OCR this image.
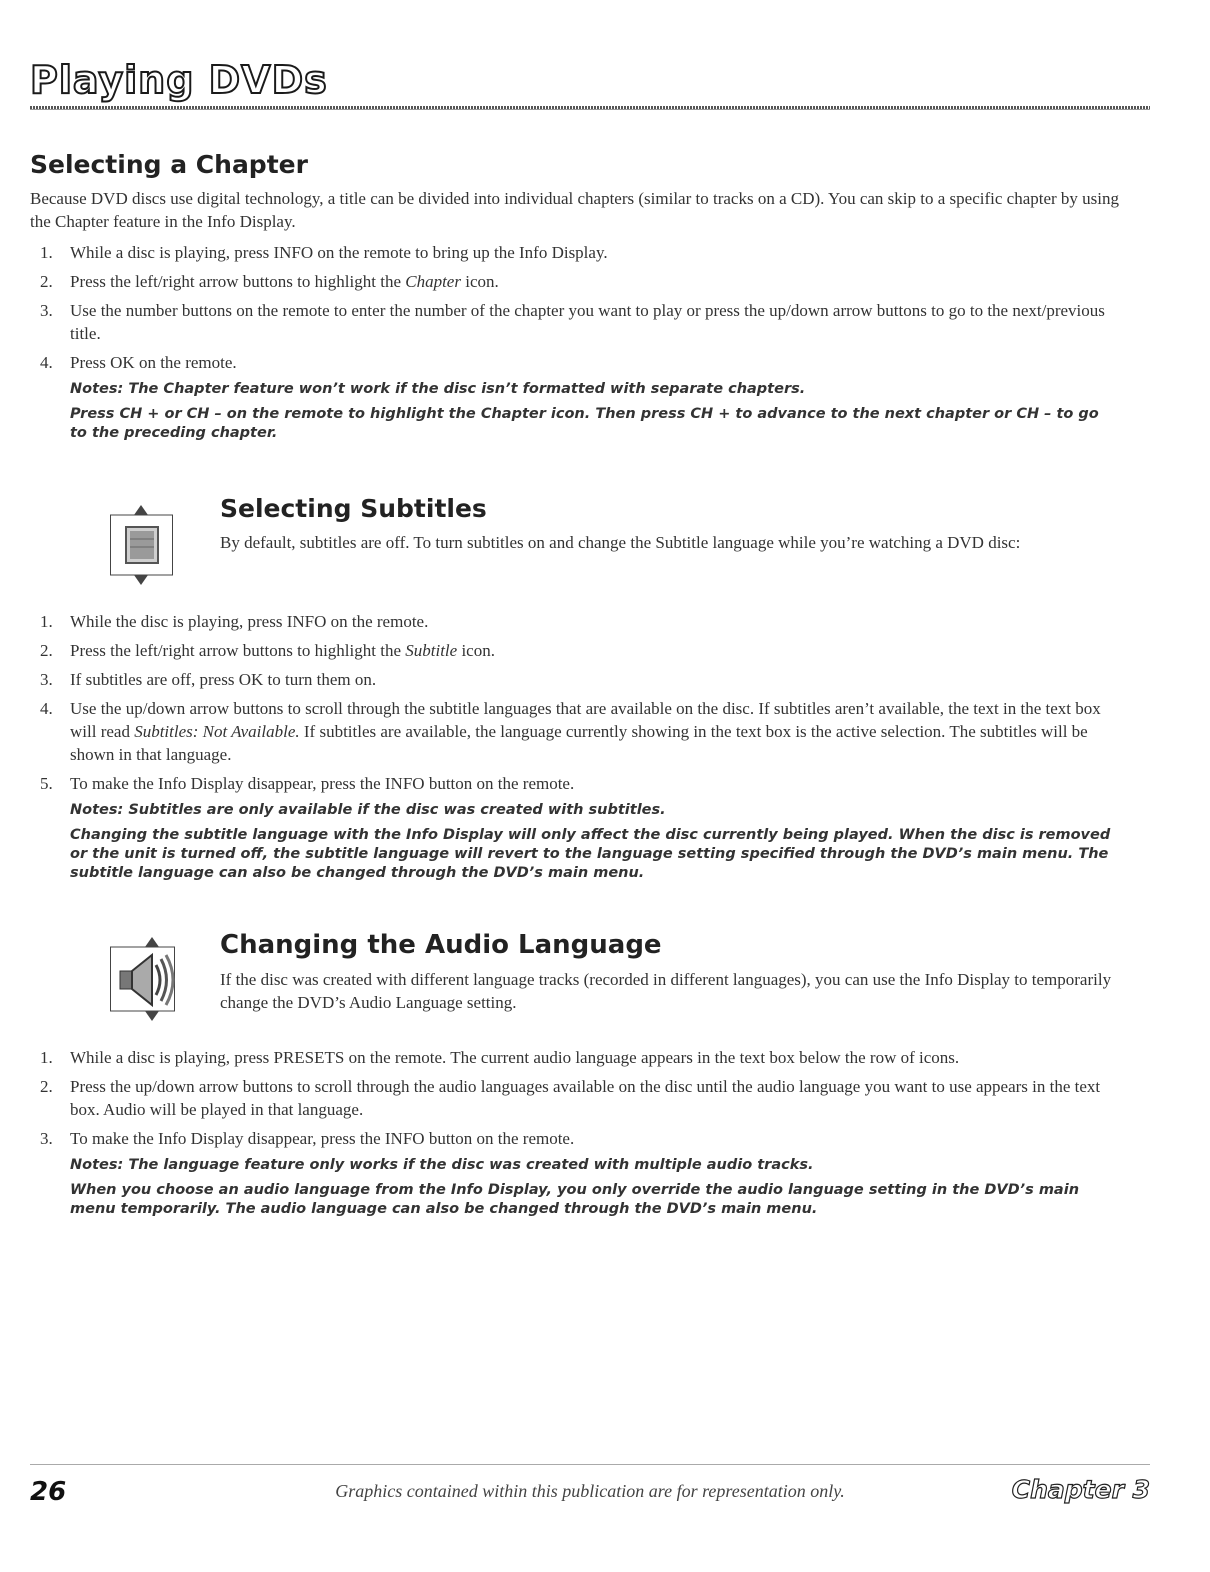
Playing DVDs
Selecting a Chapter

Because DVD discs use digital technology, a title can be divided into individual chapters (similar to tracks on a CD). You can skip to a specific chapter by using the Chapter feature in the Info Display.

1. While a disc is playing, press INFO on the remote to bring up the Info Display.
2. Press the left/right arrow buttons to highlight the Chapter icon.
3. Use the number buttons on the remote to enter the number of the chapter you want to play or press the up/down arrow buttons to go to the next/previous title.
4. Press OK on the remote.

Notes: The Chapter feature won’t work if the disc isn’t formatted with separate chapters.

Press CH + or CH – on the remote to highlight the Chapter icon. Then press CH + to advance to the next chapter or CH – to go to the preceding chapter.

Selecting Subtitles

By default, subtitles are off. To turn subtitles on and change the Subtitle language while you’re watching a DVD disc:

1. While the disc is playing, press INFO on the remote.
2. Press the left/right arrow buttons to highlight the Subtitle icon.
3. If subtitles are off, press OK to turn them on.
4. Use the up/down arrow buttons to scroll through the subtitle languages that are available on the disc. If subtitles aren’t available, the text in the text box will read Subtitles: Not Available. If subtitles are available, the language currently showing in the text box is the active selection. The subtitles will be shown in that language.
5. To make the Info Display disappear, press the INFO button on the remote.

Notes: Subtitles are only available if the disc was created with subtitles.

Changing the subtitle language with the Info Display will only affect the disc currently being played. When the disc is removed or the unit is turned off, the subtitle language will revert to the language setting specified through the DVD’s main menu. The subtitle language can also be changed through the DVD’s main menu.

Changing the Audio Language

If the disc was created with different language tracks (recorded in different languages), you can use the Info Display to temporarily change the DVD’s Audio Language setting.

1. While a disc is playing, press PRESETS on the remote. The current audio language appears in the text box below the row of icons.
2. Press the up/down arrow buttons to scroll through the audio languages available on the disc until the audio language you want to use appears in the text box. Audio will be played in that language.
3. To make the Info Display disappear, press the INFO button on the remote.

Notes: The language feature only works if the disc was created with multiple audio tracks.

When you choose an audio language from the Info Display, you only override the audio language setting in the DVD’s main menu temporarily. The audio language can also be changed through the DVD’s main menu.

26	Graphics contained within this publication are for representation only.	Chapter 3
